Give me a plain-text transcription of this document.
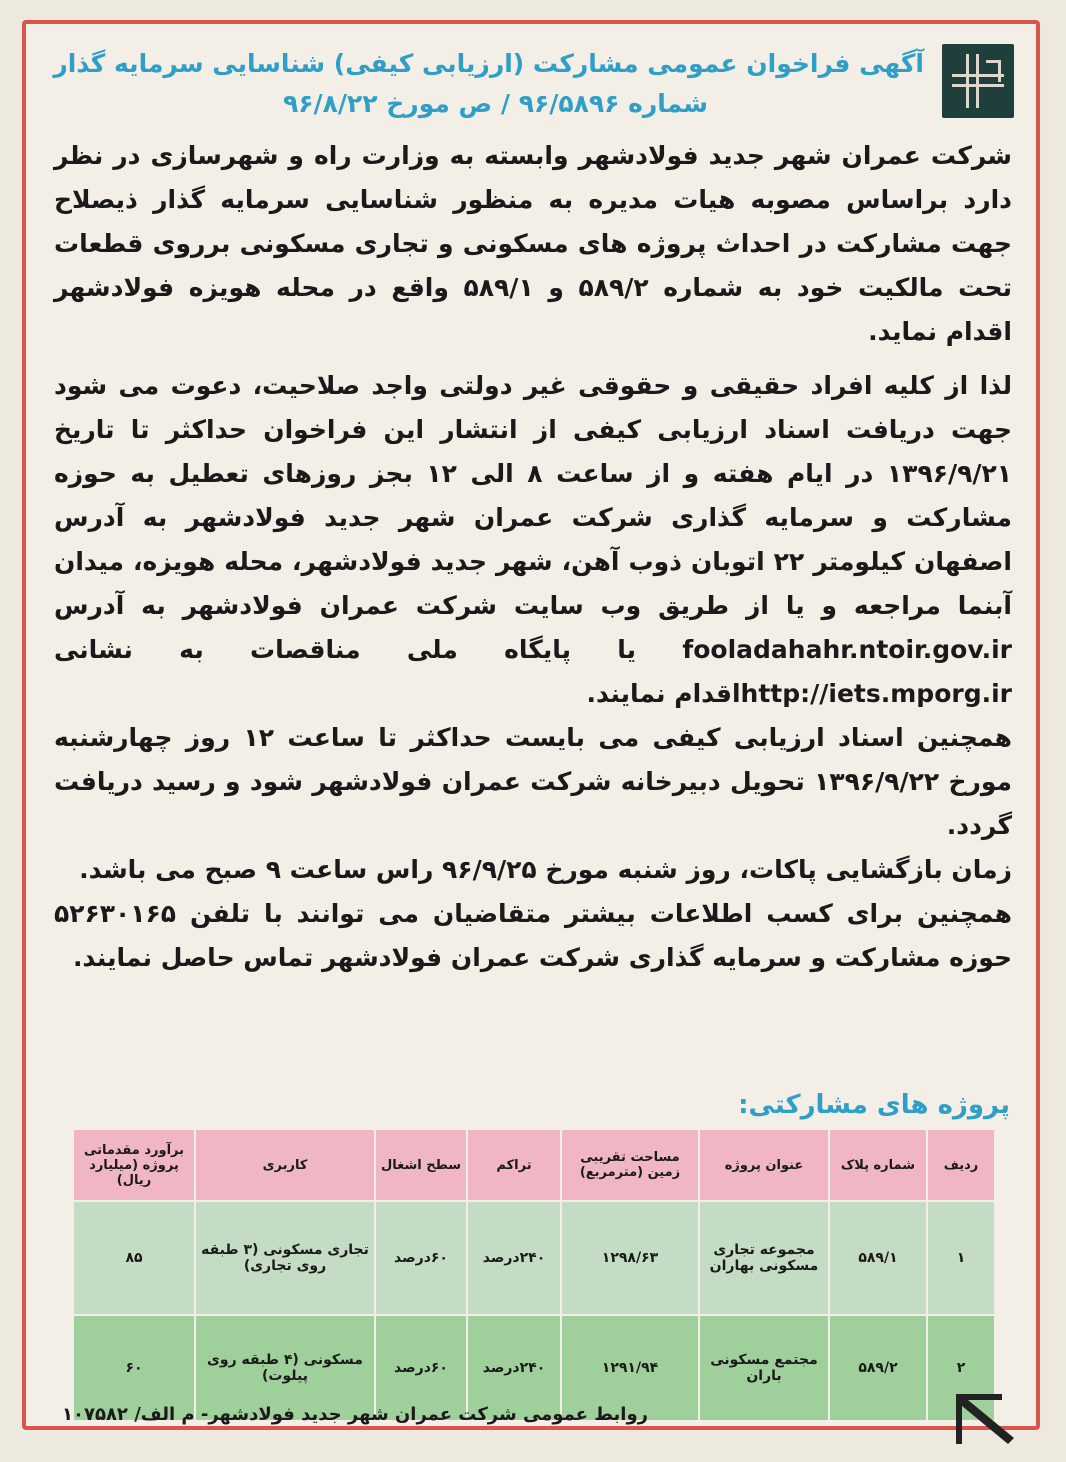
آگهی فراخوان عمومی مشارکت (ارزیابی کیفی) شناسایی سرمایه گذار
شماره ۹۶/۵۸۹۶ / ص مورخ ۹۶/۸/۲۲

شرکت عمران شهر جدید فولادشهر وابسته به وزارت راه و شهرسازی در نظر دارد براساس مصوبه هیات مدیره به منظور شناسایی سرمایه گذار ذیصلاح جهت مشارکت در احداث پروژه های مسکونی و تجاری مسکونی برروی قطعات تحت مالکیت خود به شماره ۵۸۹/۲ و ۵۸۹/۱ واقع در محله هویزه فولادشهر اقدام نماید.

لذا از کلیه افراد حقیقی و حقوقی غیر دولتی واجد صلاحیت، دعوت می شود جهت دریافت اسناد ارزیابی کیفی از انتشار این فراخوان حداکثر تا تاریخ ۱۳۹۶/۹/۲۱ در ایام هفته و از ساعت ۸ الی ۱۲ بجز روزهای تعطیل به حوزه مشارکت و سرمایه گذاری شرکت عمران شهر جدید فولادشهر به آدرس اصفهان کیلومتر ۲۲ اتوبان ذوب آهن، شهر جدید فولادشهر، محله هویزه، میدان آبنما مراجعه و یا از طریق وب سایت شرکت عمران فولادشهر به آدرس fooladahahr.ntoir.gov.ir یا پایگاه ملی مناقصات به نشانی http://iets.mporg.irاقدام نمایند.

همچنین اسناد ارزیابی کیفی می بایست حداکثر تا ساعت ۱۲ روز چهارشنبه مورخ ۱۳۹۶/۹/۲۲ تحویل دبیرخانه شرکت عمران فولادشهر شود و رسید دریافت گردد.

زمان بازگشایی پاکات، روز شنبه مورخ ۹۶/۹/۲۵ راس ساعت ۹ صبح می باشد.

همچنین برای کسب اطلاعات بیشتر متقاضیان می توانند با تلفن ۵۲۶۳۰۱۶۵ حوزه مشارکت و سرمایه گذاری شرکت عمران فولادشهر تماس حاصل نمایند.

پروژه های مشارکتی:
ردیف	شماره پلاک	عنوان پروژه	مساحت تقریبی زمین (مترمربع)	تراکم	سطح اشغال	کاربری	برآورد مقدماتی پروژه (میلیارد ریال)
۱	۵۸۹/۱	مجموعه تجاری مسکونی بهاران	۱۲۹۸/۶۳	۲۴۰درصد	۶۰درصد	تجاری مسکونی (۳ طبقه روی تجاری)	۸۵
۲	۵۸۹/۲	مجتمع مسکونی باران	۱۲۹۱/۹۴	۲۴۰درصد	۶۰درصد	مسکونی (۴ طبقه روی پیلوت)	۶۰
روابط عمومی شرکت عمران شهر جدید فولادشهر- م الف/ ۱۰۷۵۸۲
